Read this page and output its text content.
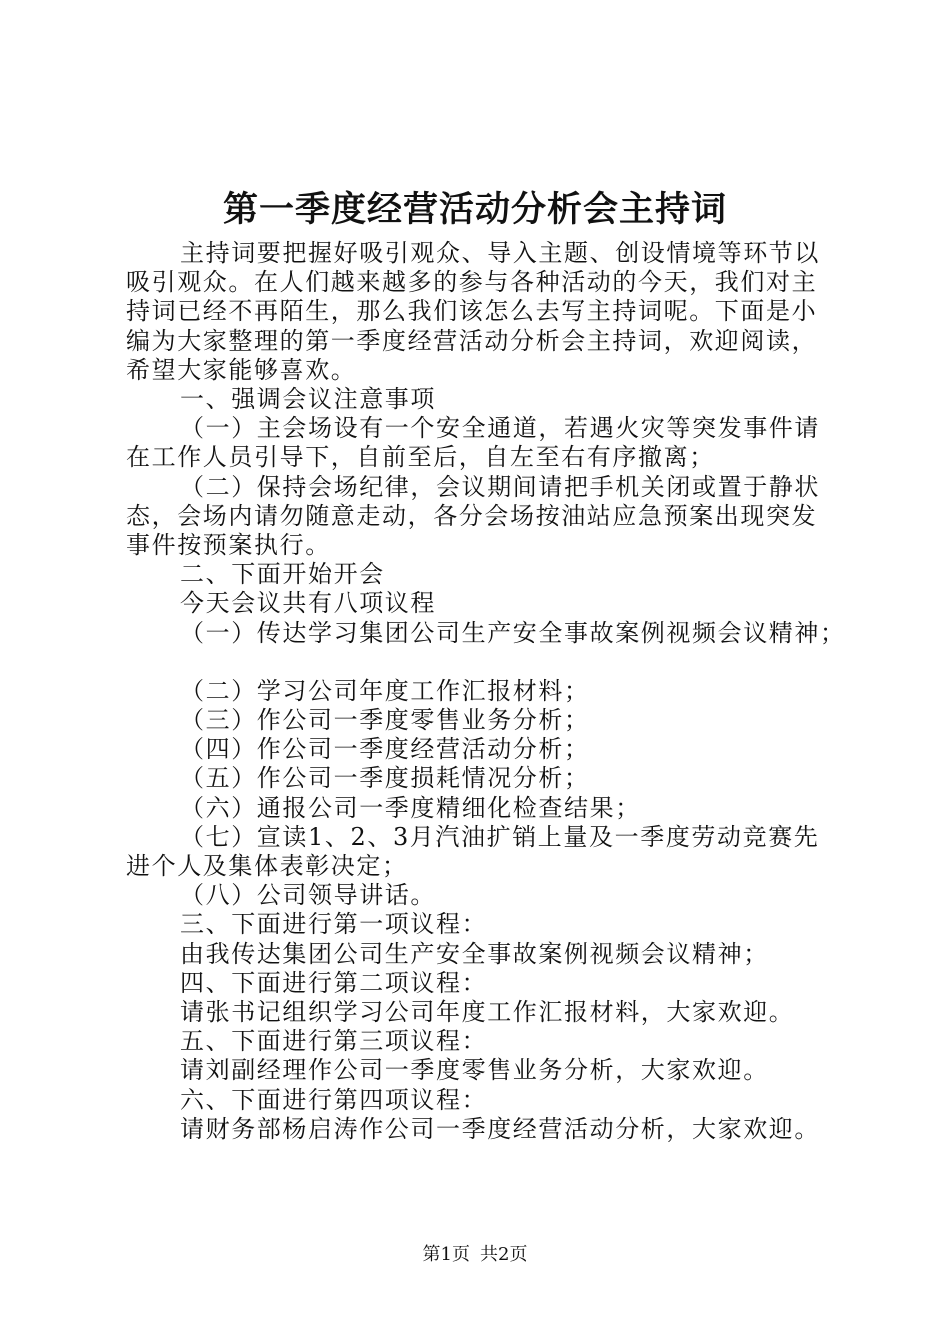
第一季度经营活动分析会主持词

主持词要把握好吸引观众、导入主题、创设情境等环节以

吸引观众。在人们越来越多的参与各种活动的今天，我们对主

持词已经不再陌生，那么我们该怎么去写主持词呢。下面是小

编为大家整理的第一季度经营活动分析会主持词，欢迎阅读，

希望大家能够喜欢。

一、强调会议注意事项

（一）主会场设有一个安全通道，若遇火灾等突发事件请

在工作人员引导下，自前至后，自左至右有序撤离；

（二）保持会场纪律，会议期间请把手机关闭或置于静状

态，会场内请勿随意走动，各分会场按油站应急预案出现突发

事件按预案执行。

二、下面开始开会

今天会议共有八项议程

（一）传达学习集团公司生产安全事故案例视频会议精神；

（二）学习公司年度工作汇报材料；

（三）作公司一季度零售业务分析；

（四）作公司一季度经营活动分析；

（五）作公司一季度损耗情况分析；

（六）通报公司一季度精细化检查结果；

（七）宣读1、2、3月汽油扩销上量及一季度劳动竞赛先

进个人及集体表彰决定；

（八）公司领导讲话。

三、下面进行第一项议程：

由我传达集团公司生产安全事故案例视频会议精神；

四、下面进行第二项议程：

请张书记组织学习公司年度工作汇报材料，大家欢迎。

五、下面进行第三项议程：

请刘副经理作公司一季度零售业务分析，大家欢迎。

六、下面进行第四项议程：

请财务部杨启涛作公司一季度经营活动分析，大家欢迎。

第1页 共2页
